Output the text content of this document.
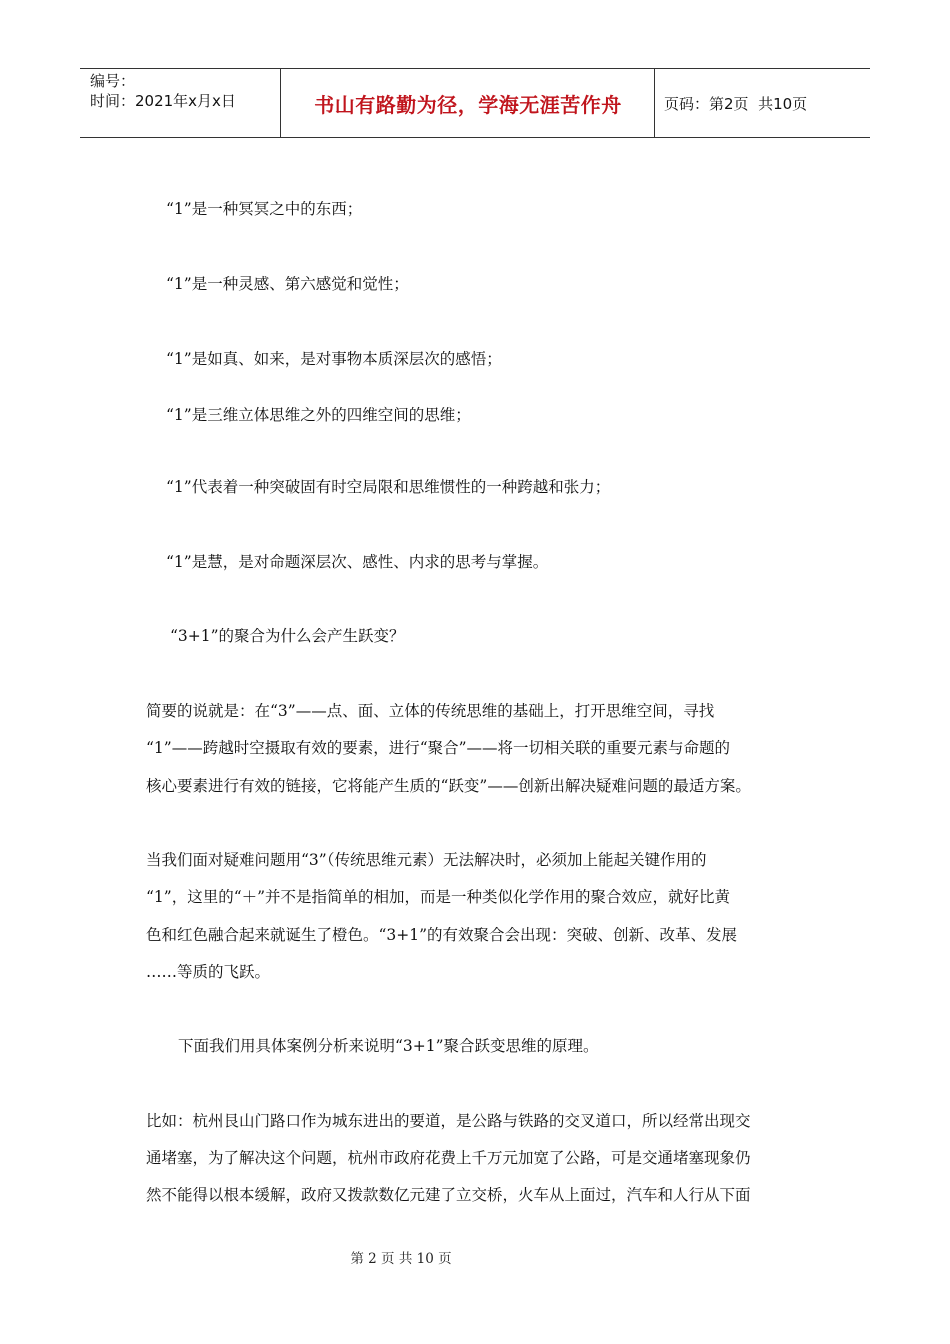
编号：
时间：2021年x月x日	书山有路勤为径，学海无涯苦作舟	页码：第2页  共10页
“1”是一种冥冥之中的东西；
“1”是一种灵感、第六感觉和觉性；
“1”是如真、如来，是对事物本质深层次的感悟；
“1”是三维立体思维之外的四维空间的思维；
“1”代表着一种突破固有时空局限和思维惯性的一种跨越和张力；
“1”是慧，是对命题深层次、感性、内求的思考与掌握。
“3+1”的聚合为什么会产生跃变？
简要的说就是：在“3”——点、面、立体的传统思维的基础上，打开思维空间，寻找
“1”——跨越时空摄取有效的要素，进行“聚合”——将一切相关联的重要元素与命题的
核心要素进行有效的链接，它将能产生质的“跃变”——创新出解决疑难问题的最适方案。
当我们面对疑难问题用“3”（传统思维元素）无法解决时，必须加上能起关键作用的
“1”，这里的“＋”并不是指简单的相加，而是一种类似化学作用的聚合效应，就好比黄
色和红色融合起来就诞生了橙色。“3+1”的有效聚合会出现：突破、创新、改革、发展
……等质的飞跃。
下面我们用具体案例分析来说明“3+1”聚合跃变思维的原理。
比如：杭州艮山门路口作为城东进出的要道，是公路与铁路的交叉道口，所以经常出现交
通堵塞，为了解决这个问题，杭州市政府花费上千万元加宽了公路，可是交通堵塞现象仍
然不能得以根本缓解，政府又拨款数亿元建了立交桥，火车从上面过，汽车和人行从下面
第 2 页 共 10 页
